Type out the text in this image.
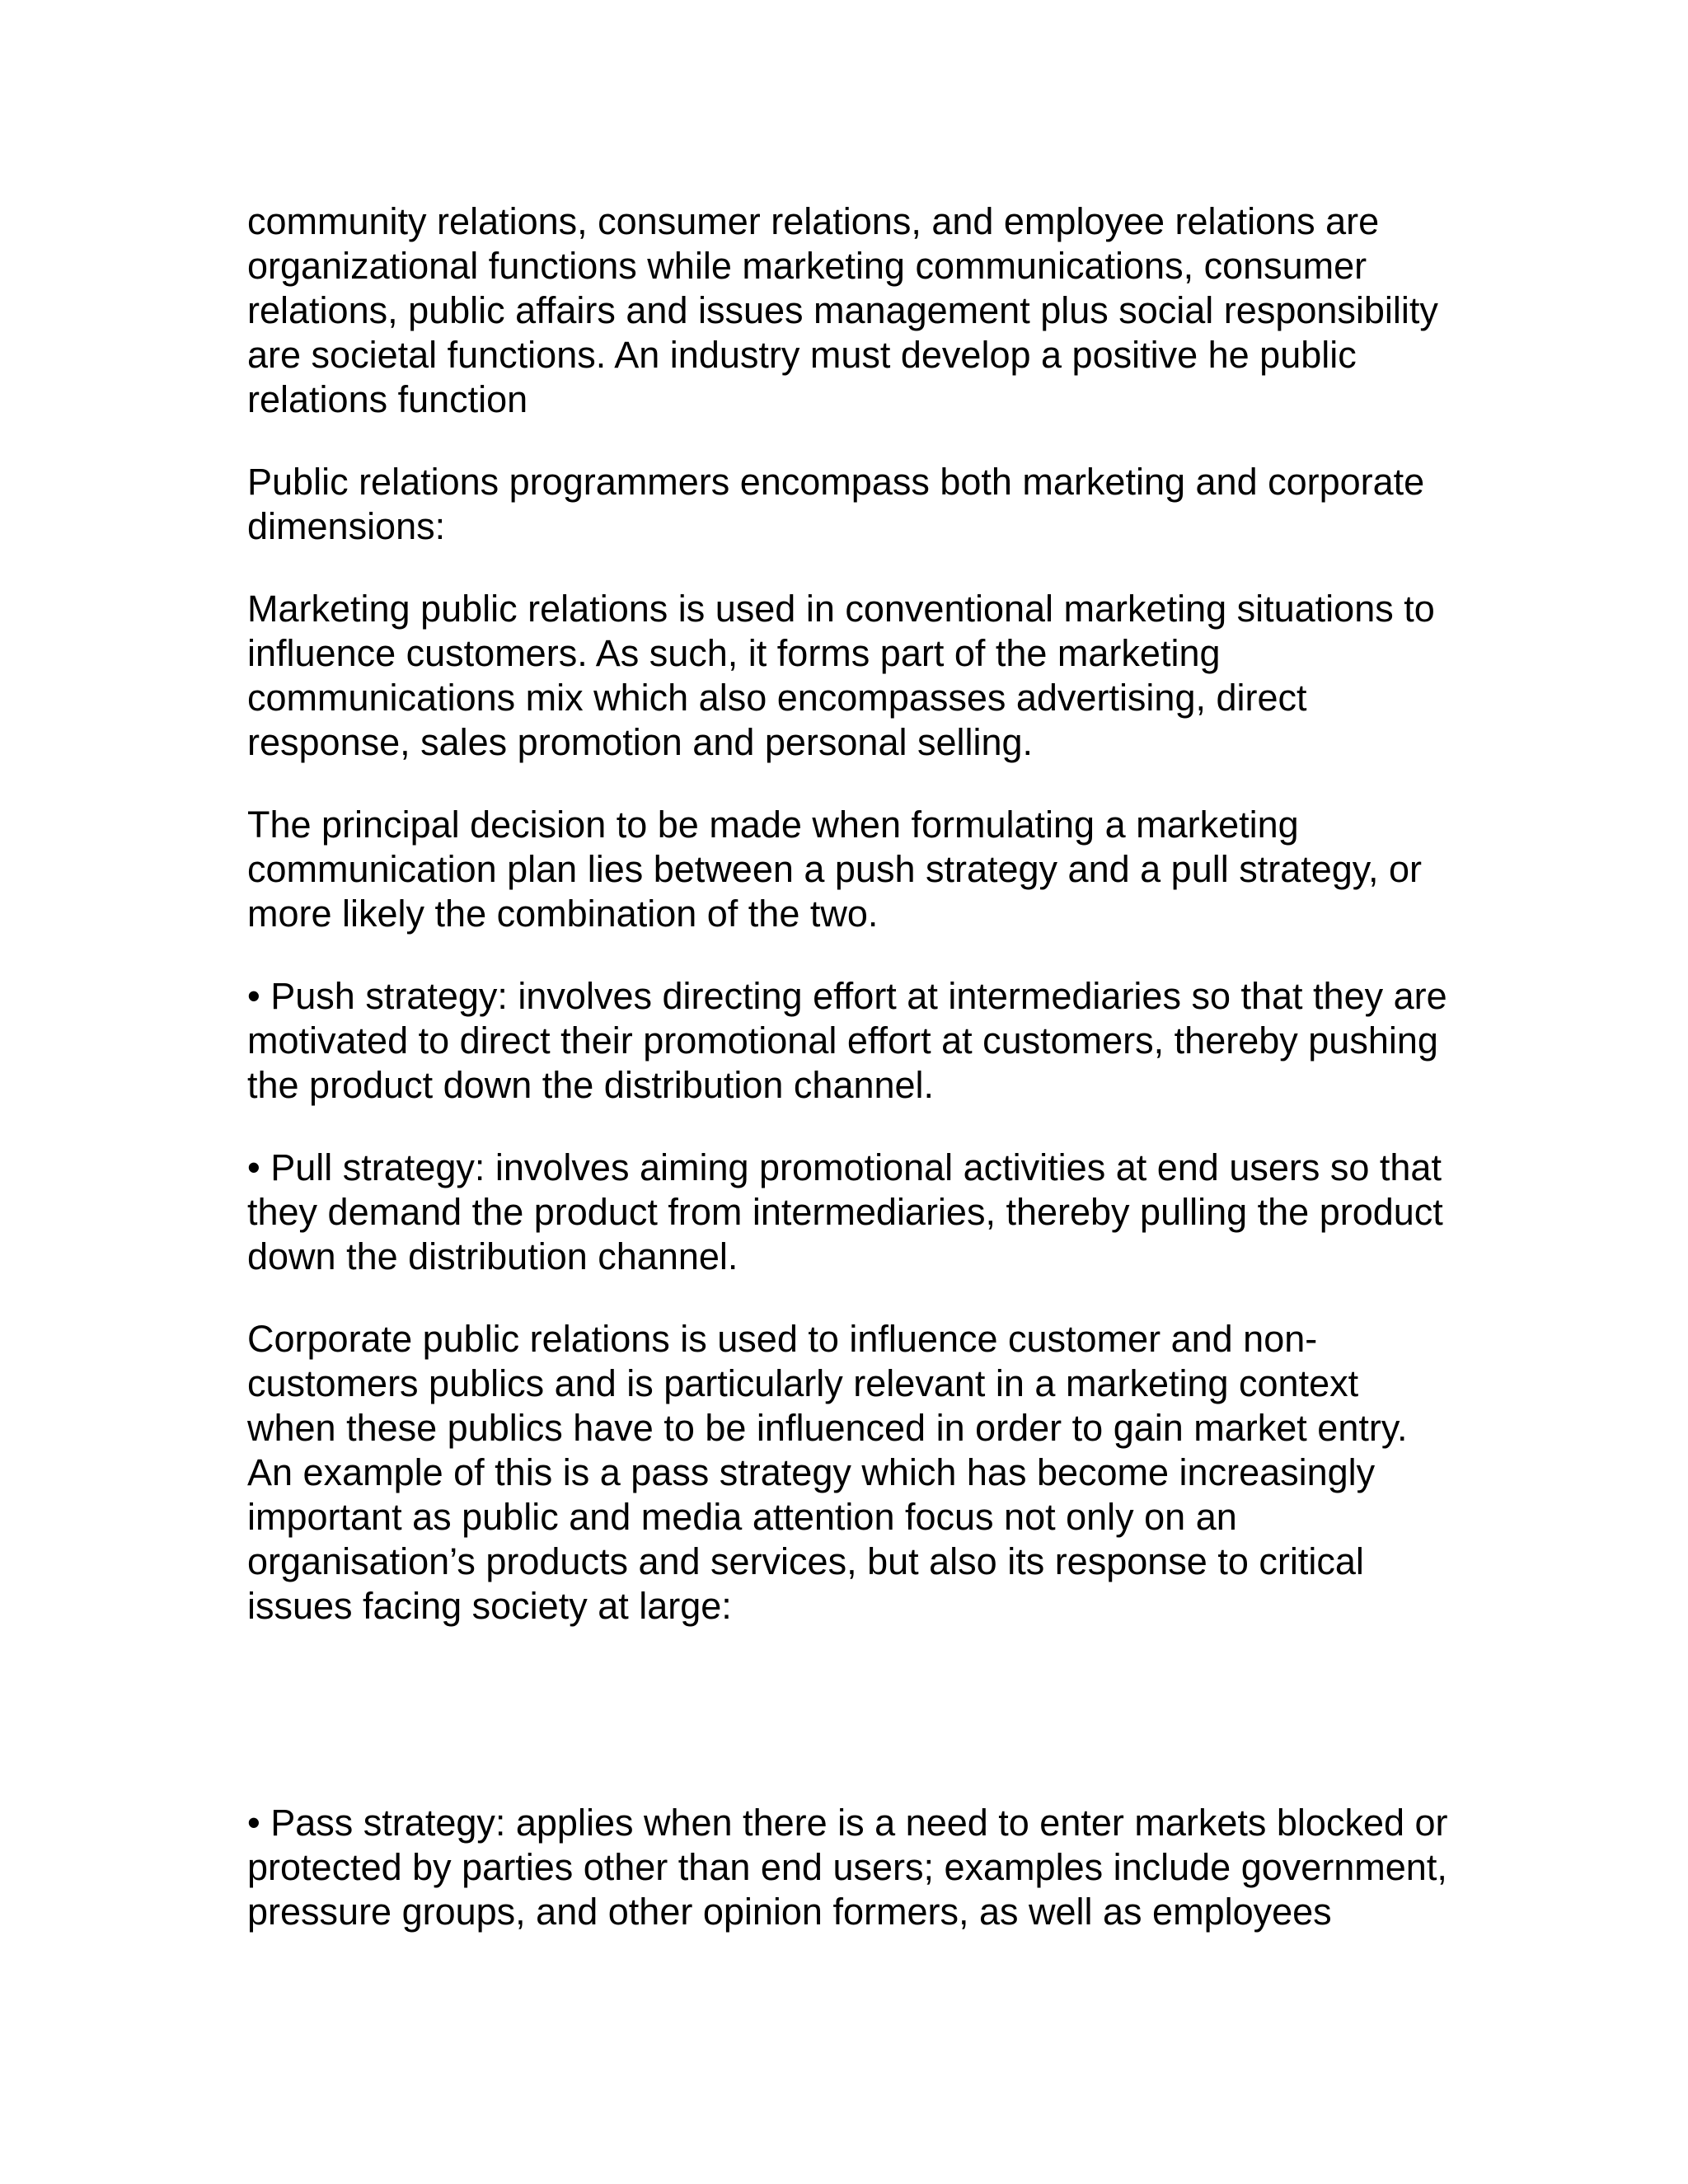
community relations, consumer relations, and employee relations are organizational functions while marketing communications, consumer relations, public affairs and issues management plus social responsibility are societal functions. An industry must develop a positive he public relations function

Public relations programmers encompass both marketing and corporate dimensions:

Marketing public relations is used in conventional marketing situations to influence customers. As such, it forms part of the marketing communications mix which also encompasses advertising, direct response, sales promotion and personal selling.

The principal decision to be made when formulating a marketing communication plan lies between a push strategy and a pull strategy, or more likely the combination of the two.

• Push strategy: involves directing effort at intermediaries so that they are motivated to direct their promotional effort at customers, thereby pushing the product down the distribution channel.

• Pull strategy: involves aiming promotional activities at end users so that they demand the product from intermediaries, thereby pulling the product down the distribution channel.

Corporate public relations is used to influence customer and non-customers publics and is particularly relevant in a marketing context when these publics have to be influenced in order to gain market entry. An example of this is a pass strategy which has become increasingly important as public and media attention focus not only on an organisation’s products and services, but also its response to critical issues facing society at large:

• Pass strategy: applies when there is a need to enter markets blocked or protected by parties other than end users; examples include government, pressure groups, and other opinion formers, as well as employees
